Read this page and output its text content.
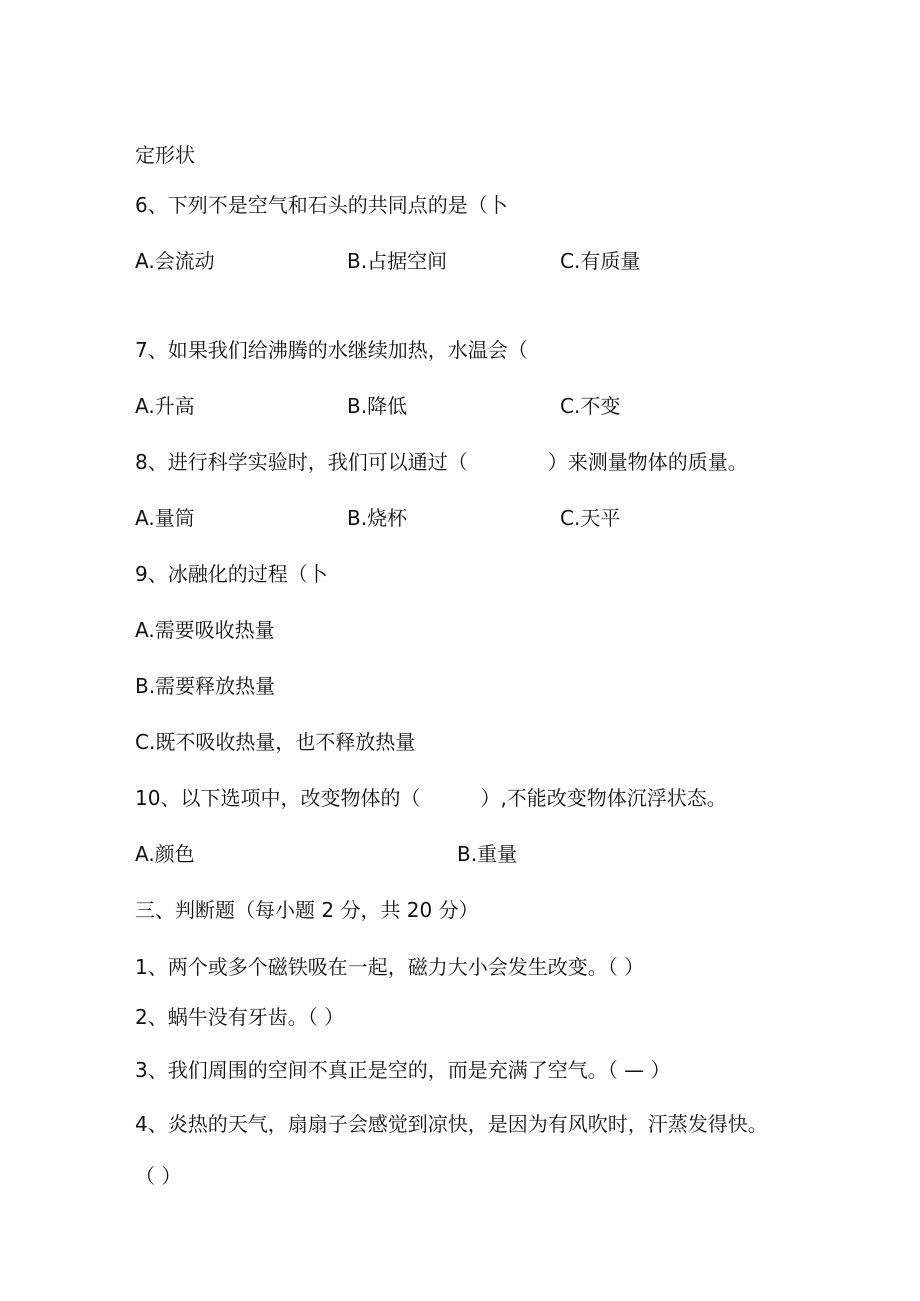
定形状
6、下列不是空气和石头的共同点的是（卜
A.会流动	B.占据空间	C.有质量
7、如果我们给沸腾的水继续加热，水温会（
A.升高	B.降低	C.不变
8、进行科学实验时，我们可以通过（　　　　）来测量物体的质量。
A.量筒	B.烧杯	C.天平
9、冰融化的过程（卜
A.需要吸收热量
B.需要释放热量
C.既不吸收热量，也不释放热量
10、以下选项中，改变物体的（　　　）,不能改变物体沉浮状态。
A.颜色	B.重量
三、判断题（每小题 2 分，共 20 分）
1、两个或多个磁铁吸在一起，磁力大小会发生改变。（ ）
2、蜗牛没有牙齿。（ ）
3、我们周围的空间不真正是空的，而是充满了空气。（ — ）
4、炎热的天气，扇扇子会感觉到凉快，是因为有风吹时，汗蒸发得快。
（ ）
